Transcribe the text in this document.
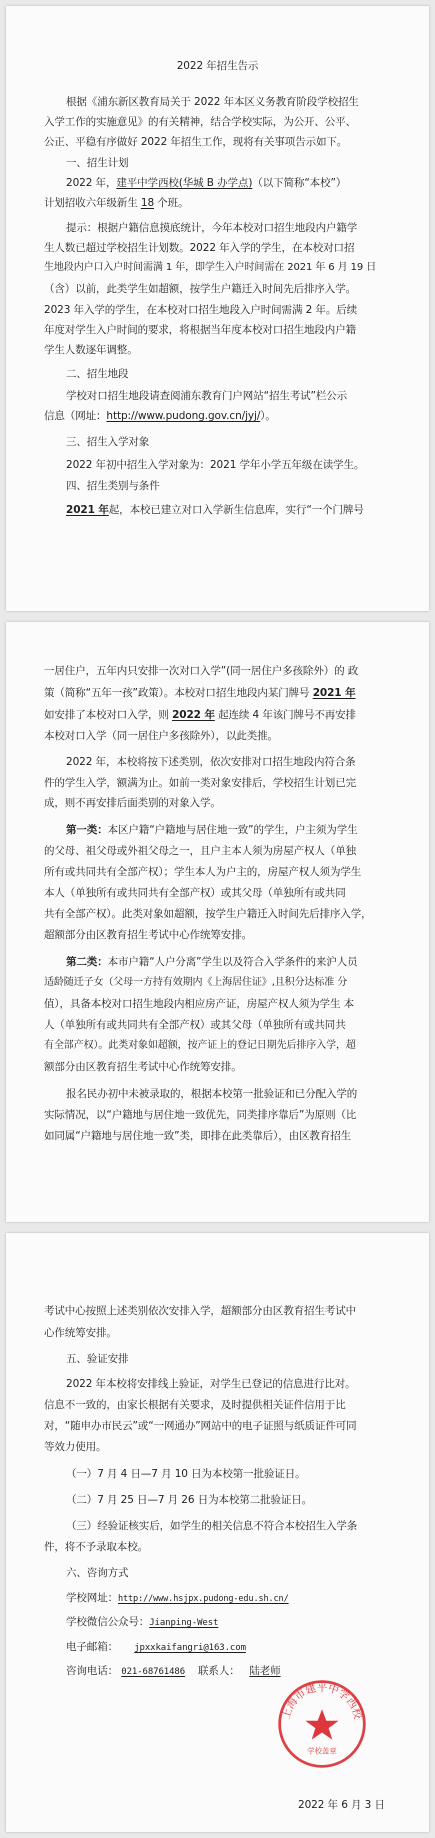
2022 年招生告示

根据《浦东新区教育局关于 2022 年本区义务教育阶段学校招生

入学工作的实施意见》的有关精神，结合学校实际，为公开、公平、

公正、平稳有序做好 2022 年招生工作，现将有关事项告示如下。

一、招生计划

2022 年，建平中学西校(华城 B 办学点)（以下简称“本校”）

计划招收六年级新生 18 个班。

提示：根据户籍信息摸底统计，今年本校对口招生地段内户籍学

生人数已超过学校招生计划数。2022 年入学的学生，在本校对口招

生地段内户口入户时间需满 1 年，即学生入户时间需在 2021 年 6 月 19 日

（含）以前，此类学生如超额，按学生户籍迁入时间先后排序入学。

2023 年入学的学生，在本校对口招生地段入户时间需满 2 年。后续

年度对学生入户时间的要求，将根据当年度本校对口招生地段内户籍

学生人数逐年调整。

二、招生地段

学校对口招生地段请查阅浦东教育门户网站“招生考试”栏公示

信息（网址：http://www.pudong.gov.cn/jyj/）。

三、招生入学对象

2022 年初中招生入学对象为：2021 学年小学五年级在读学生。

四、招生类别与条件

2021 年起，本校已建立对口入学新生信息库，实行“一个门牌号

一居住户，五年内只安排一次对口入学”(同一居住户多孩除外）的 政

策（简称“五年一孩”政策）。本校对口招生地段内某门牌号 2021 年

如安排了本校对口入学，则 2022 年 起连续 4 年该门牌号不再安排

本校对口入学（同一居住户多孩除外），以此类推。

2022 年，本校将按下述类别，依次安排对口招生地段内符合条

件的学生入学，额满为止。如前一类对象安排后，学校招生计划已完

成，则不再安排后面类别的对象入学。

第一类：本区户籍“户籍地与居住地一致”的学生，户主须为学生

的父母、祖父母或外祖父母之一，且户主本人须为房屋产权人（单独

所有或共同共有全部产权）；学生本人为户主的，房屋产权人须为学生

本人（单独所有或共同共有全部产权）或其父母（单独所有或共同

共有全部产权）。此类对象如超额，按学生户籍迁入时间先后排序入学，

超额部分由区教育招生考试中心作统筹安排。

第二类：本市户籍“人户分离”学生以及符合入学条件的来沪人员

适龄随迁子女（父母一方持有效期内《上海居住证》,且积分达标准 分

值），具备本校对口招生地段内相应房产证，房屋产权人须为学生 本

人（单独所有或共同共有全部产权）或其父母（单独所有或共同共

有全部产权）。此类对象如超额，按产证上的登记日期先后排序入学，超

额部分由区教育招生考试中心作统筹安排。

报名民办初中未被录取的，根据本校第一批验证和已分配入学的

实际情况，以“户籍地与居住地一致优先，同类排序靠后”为原则（比

如同属“户籍地与居住地一致”类，即排在此类靠后），由区教育招生

考试中心按照上述类别依次安排入学，超额部分由区教育招生考试中

心作统筹安排。

五、验证安排

2022 年本校将安排线上验证，对学生已登记的信息进行比对。

信息不一致的，由家长根据有关要求，及时提供相关证件信用于比

对，“随申办市民云”或“一网通办”网站中的电子证照与纸质证件可同

等效力使用。

（一）7 月 4 日—7 月 10 日为本校第一批验证日。

（二）7 月 25 日—7 月 26 日为本校第二批验证日。

（三）经验证核实后，如学生的相关信息不符合本校招生入学条

件，将不予录取本校。

六、咨询方式

学校网址：http://www.hsjpx.pudong-edu.sh.cn/

学校微信公众号：Jianping-West

电子邮箱： jpxxkaifangri@163.com

咨询电话： 021-68761486 联系人： 陆老师

上海市建平中学西校
学校盖章

2022 年 6 月 3 日
